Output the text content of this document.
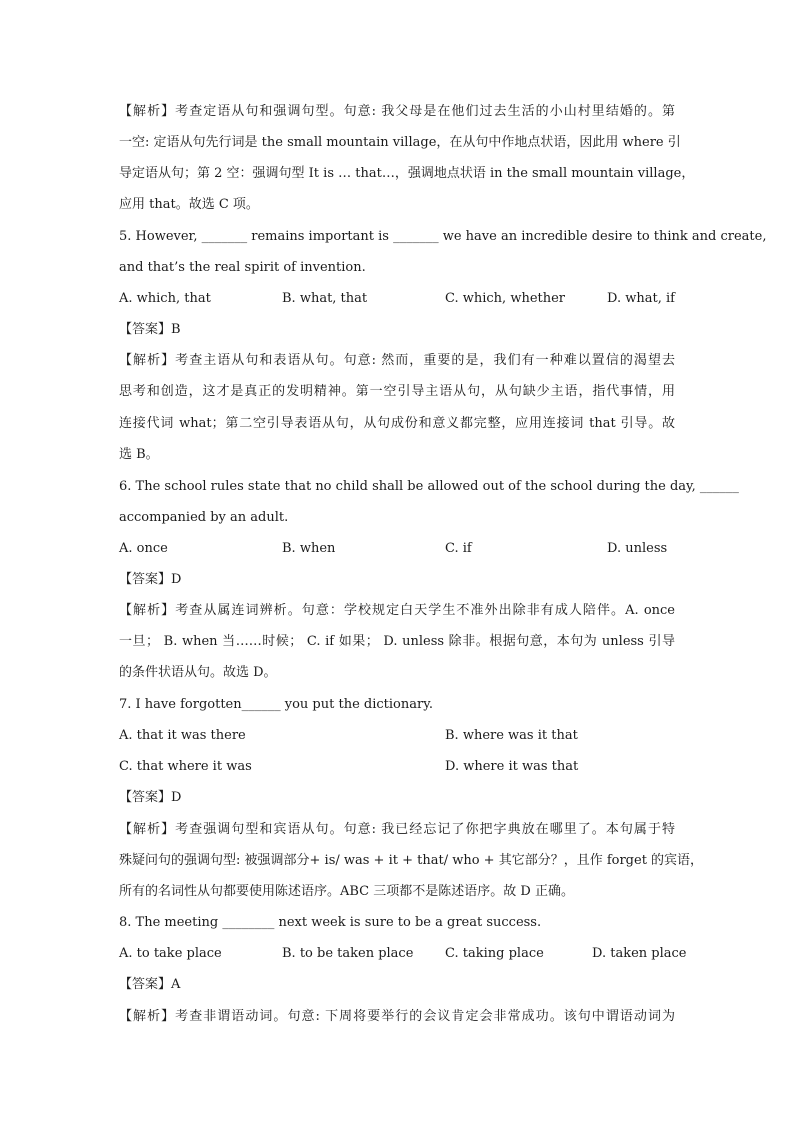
【解析】考查定语从句和强调句型。句意: 我父母是在他们过去生活的小山村里结婚的。第
一空: 定语从句先行词是 the small mountain village，在从句中作地点状语，因此用 where 引
导定语从句；第 2 空：强调句型 It is … that…，强调地点状语 in the small mountain village，
应用 that。故选 C 项。
5. However, _______ remains important is _______ we have an incredible desire to think and create,
and that’s the real spirit of invention.
A. which, that	B. what, that	C. which, whether	D. what, if
【答案】B
【解析】考查主语从句和表语从句。句意: 然而，重要的是，我们有一种难以置信的渴望去
思考和创造，这才是真正的发明精神。第一空引导主语从句，从句缺少主语，指代事情，用
连接代词 what；第二空引导表语从句，从句成份和意义都完整，应用连接词 that 引导。故
选 B。
6. The school rules state that no child shall be allowed out of the school during the day, ______
accompanied by an adult.
A. once	B. when	C. if	D. unless
【答案】D
【解析】考查从属连词辨析。句意：学校规定白天学生不准外出除非有成人陪伴。A. once
一旦； B. when 当……时候； C. if 如果； D. unless 除非。根据句意，本句为 unless 引导
的条件状语从句。故选 D。
7. I have forgotten______ you put the dictionary.
A. that it was there	B. where was it that
C. that where it was	D. where it was that
【答案】D
【解析】考查强调句型和宾语从句。句意: 我已经忘记了你把字典放在哪里了。本句属于特
殊疑问句的强调句型: 被强调部分+ is/ was + it + that/ who + 其它部分？，且作 forget 的宾语，
所有的名词性从句都要使用陈述语序。ABC 三项都不是陈述语序。故 D 正确。
8. The meeting ________ next week is sure to be a great success.
A. to take place	B. to be taken place C. taking place	D. taken place
【答案】A
【解析】考查非谓语动词。句意: 下周将要举行的会议肯定会非常成功。该句中谓语动词为
